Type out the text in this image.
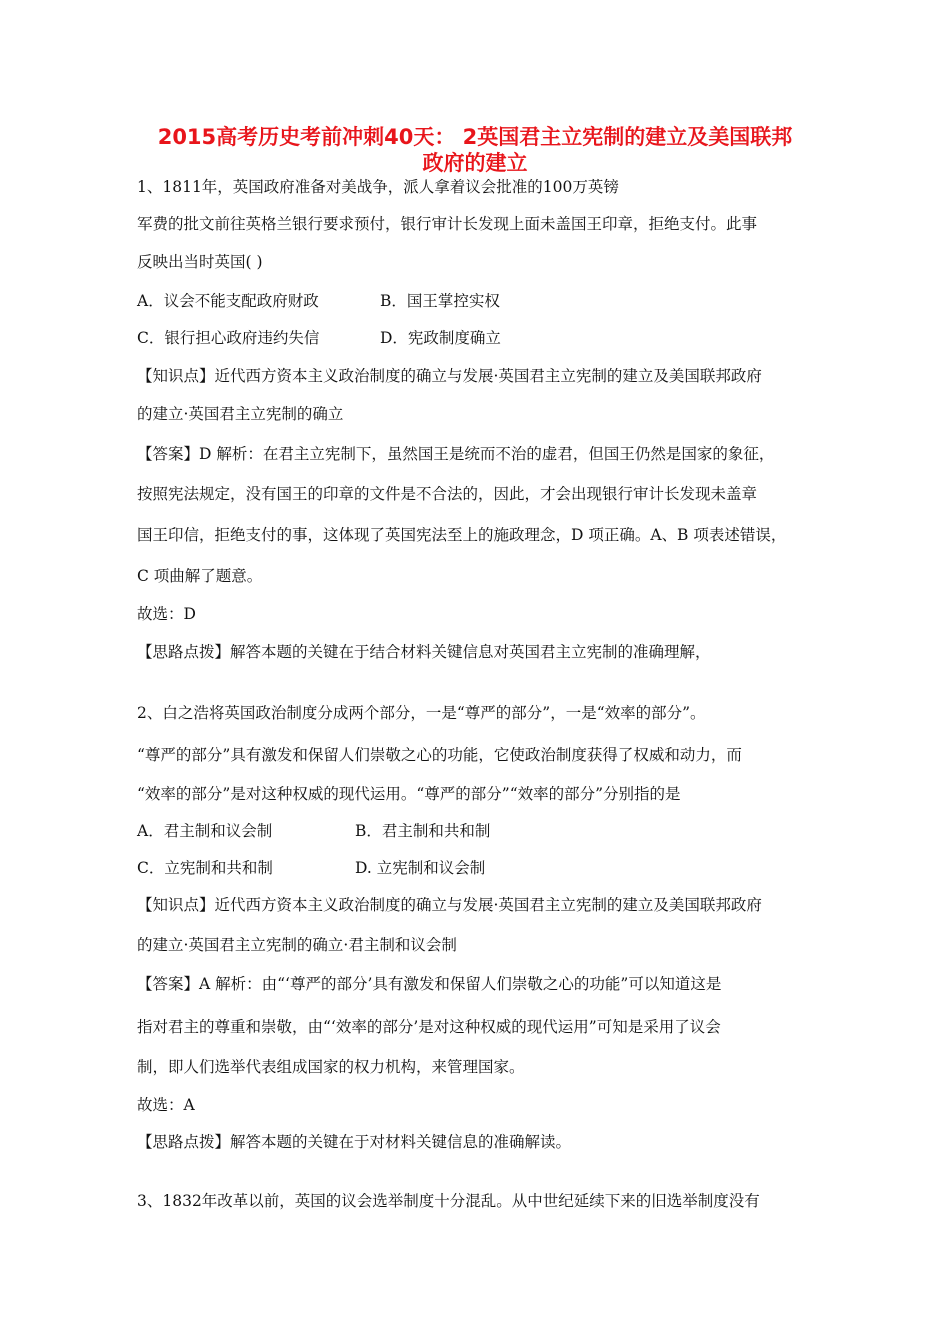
2015高考历史考前冲刺40天： 2英国君主立宪制的建立及美国联邦
政府的建立
1、1811年，英国政府准备对美战争，派人拿着议会批准的100万英镑
军费的批文前往英格兰银行要求预付，银行审计长发现上面未盖国王印章，拒绝支付。此事
反映出当时英国( )
A．议会不能支配政府财政	B．国王掌控实权
C．银行担心政府违约失信	D．宪政制度确立
【知识点】近代西方资本主义政治制度的确立与发展·英国君主立宪制的建立及美国联邦政府
的建立·英国君主立宪制的确立
【答案】D 解析：在君主立宪制下，虽然国王是统而不治的虚君，但国王仍然是国家的象征，
按照宪法规定，没有国王的印章的文件是不合法的，因此，才会出现银行审计长发现未盖章
国王印信，拒绝支付的事，这体现了英国宪法至上的施政理念，D 项正确。A、B 项表述错误，
C 项曲解了题意。
故选：D
【思路点拨】解答本题的关键在于结合材料关键信息对英国君主立宪制的准确理解，
2、白之浩将英国政治制度分成两个部分，一是“尊严的部分”，一是“效率的部分”。
“尊严的部分”具有激发和保留人们崇敬之心的功能，它使政治制度获得了权威和动力，而
“效率的部分”是对这种权威的现代运用。“尊严的部分”“效率的部分”分别指的是
A．君主制和议会制	B．君主制和共和制
C．立宪制和共和制	D. 立宪制和议会制
【知识点】近代西方资本主义政治制度的确立与发展·英国君主立宪制的建立及美国联邦政府
的建立·英国君主立宪制的确立·君主制和议会制
【答案】A 解析：由“‘尊严的部分’具有激发和保留人们崇敬之心的功能”可以知道这是
指对君主的尊重和崇敬，由“‘效率的部分’是对这种权威的现代运用”可知是采用了议会
制，即人们选举代表组成国家的权力机构，来管理国家。
故选：A
【思路点拨】解答本题的关键在于对材料关键信息的准确解读。
3、1832年改革以前，英国的议会选举制度十分混乱。从中世纪延续下来的旧选举制度没有
